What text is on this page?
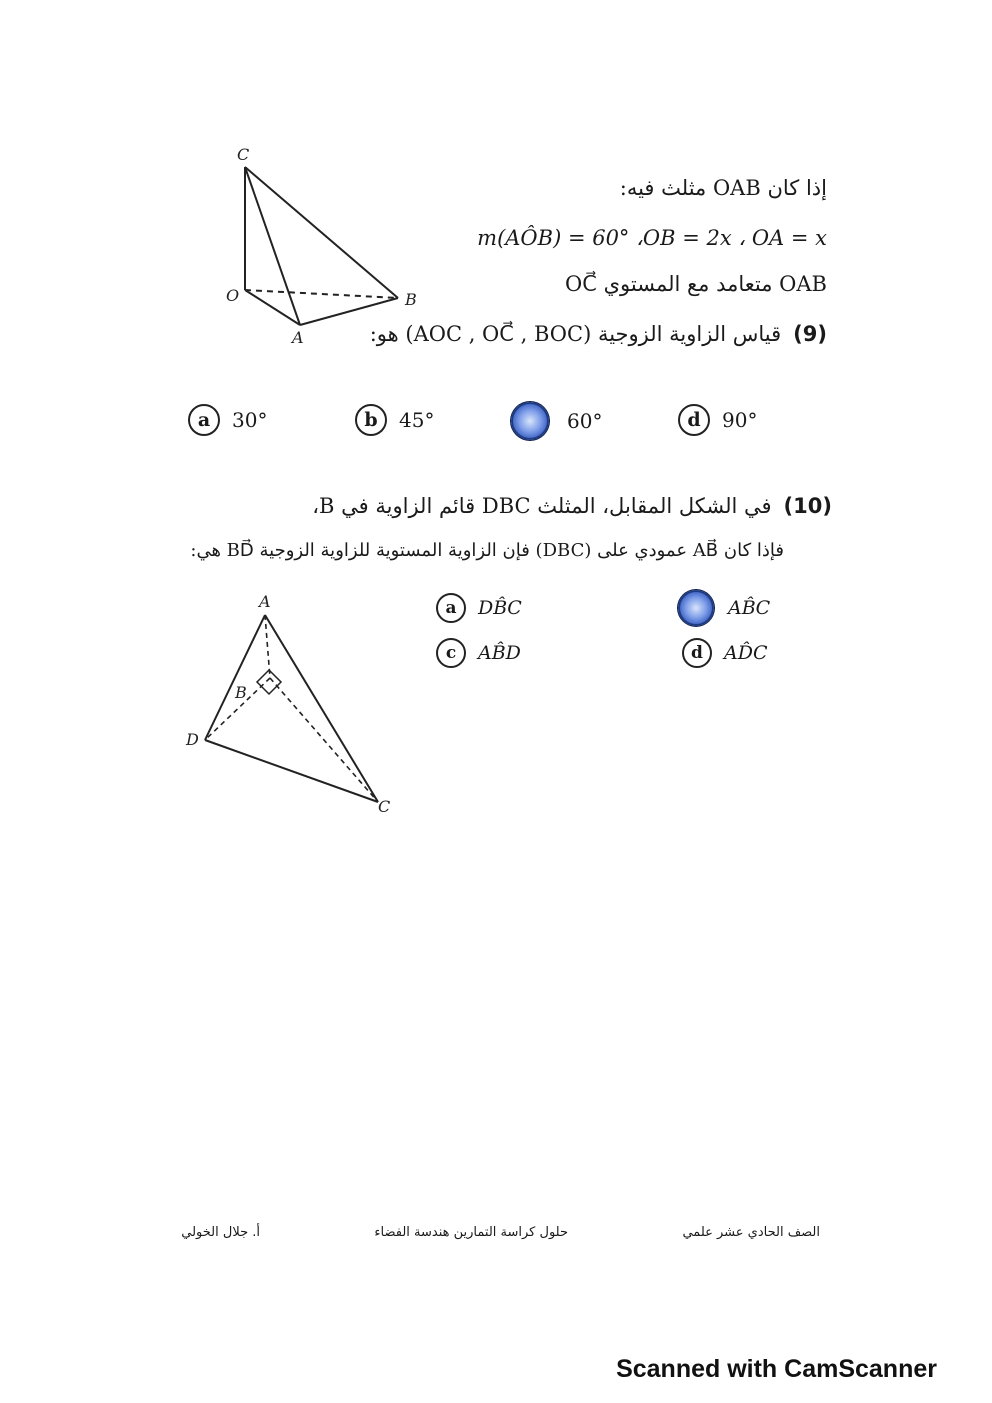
C
O
A
B
إذا كان OAB مثلث فيه:
m(AÔB) = 60° ،OB = 2x ، OA = x
OC⃗ متعامد مع المستوي OAB
(9)
قياس الزاوية الزوجية (AOC , OC⃗ , BOC) هو:
a	30°	b	45°	60°	d	90°
(10)
في الشكل المقابل، المثلث DBC قائم الزاوية في B،
فإذا كان AB⃗ عمودي على (DBC) فإن الزاوية المستوية للزاوية الزوجية BD⃗ هي:
A
B
D
C
a	DB̂C	AB̂C
c	AB̂D	d	AD̂C
الصف الحادي عشر علمي
حلول كراسة التمارين هندسة الفضاء
أ. جلال الخولي
Scanned with CamScanner
